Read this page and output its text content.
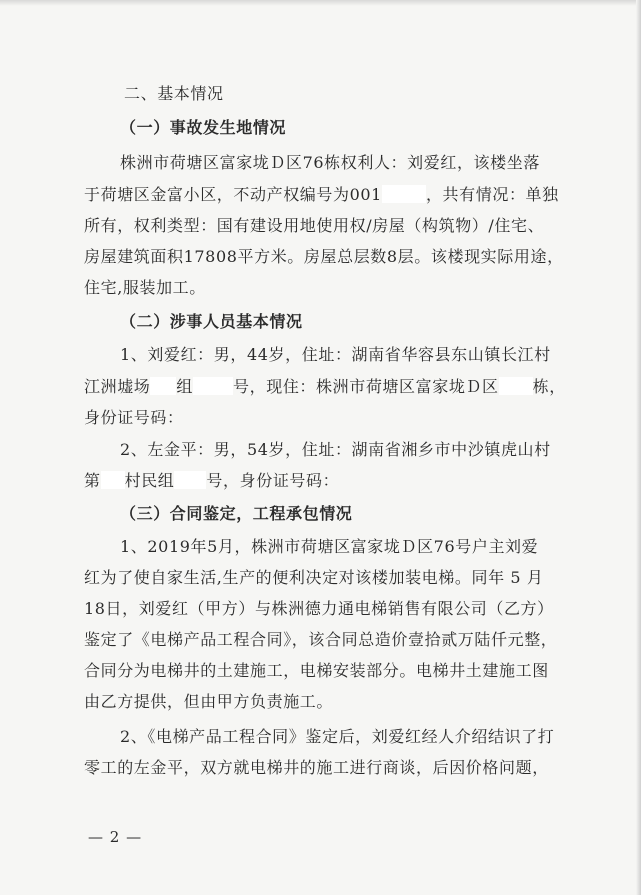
二、基本情况
（一）事故发生地情况
株洲市荷塘区富家垅Ｄ区76栋权利人：刘爱红，该楼坐落
于荷塘区金富小区，不动产权编号为001	，共有情况：单独
所有，权利类型：国有建设用地使用权/房屋（构筑物）/住宅、
房屋建筑面积17808平方米。房屋总层数8层。该楼现实际用途，
住宅,服装加工。
（二）涉事人员基本情况
1、刘爱红：男，44岁，住址：湖南省华容县东山镇长江村
江洲墟场 组	号，现住：株洲市荷塘区富家垅Ｄ区 栋，
身份证号码：
2、左金平：男，54岁，住址：湖南省湘乡市中沙镇虎山村
第 村民组 号，身份证号码：
（三）合同鉴定，工程承包情况
1、2019年5月，株洲市荷塘区富家垅Ｄ区76号户主刘爱
红为了使自家生活,生产的便利决定对该楼加装电梯。同年 5 月
18日，刘爱红（甲方）与株洲德力通电梯销售有限公司（乙方）
鉴定了《电梯产品工程合同》，该合同总造价壹拾贰万陆仟元整，
合同分为电梯井的土建施工，电梯安装部分。电梯井土建施工图
由乙方提供，但由甲方负责施工。
2、《电梯产品工程合同》鉴定后，刘爱红经人介绍结识了打
零工的左金平，双方就电梯井的施工进行商谈，后因价格问题，
— 2 —
